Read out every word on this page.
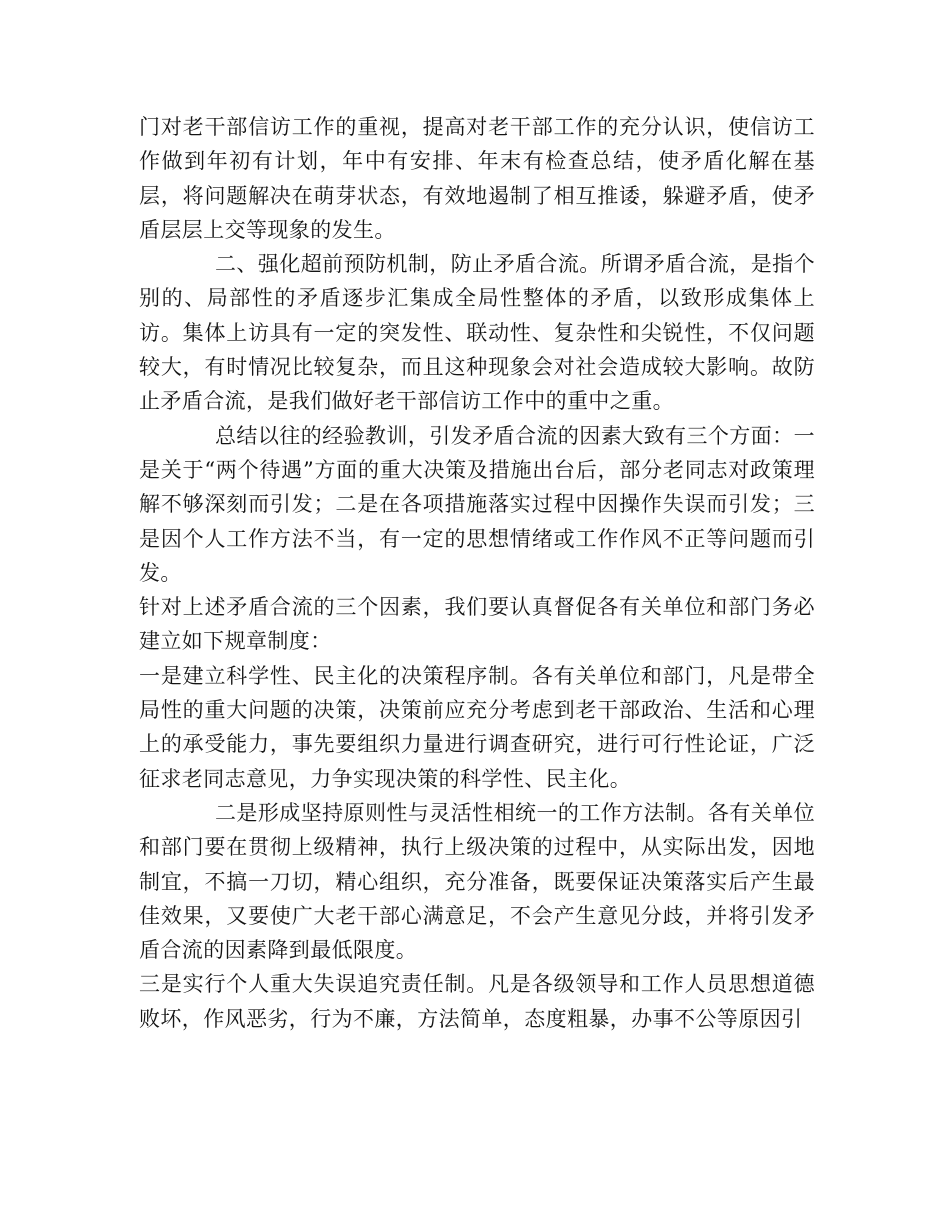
门对老干部信访工作的重视，提高对老干部工作的充分认识，使信访工作做到年初有计划，年中有安排、年末有检查总结，使矛盾化解在基层，将问题解决在萌芽状态，有效地遏制了相互推诿，躲避矛盾，使矛盾层层上交等现象的发生。

二、强化超前预防机制，防止矛盾合流。所谓矛盾合流，是指个别的、局部性的矛盾逐步汇集成全局性整体的矛盾，以致形成集体上访。集体上访具有一定的突发性、联动性、复杂性和尖锐性，不仅问题较大，有时情况比较复杂，而且这种现象会对社会造成较大影响。故防止矛盾合流，是我们做好老干部信访工作中的重中之重。

总结以往的经验教训，引发矛盾合流的因素大致有三个方面：一是关于“两个待遇”方面的重大决策及措施出台后，部分老同志对政策理解不够深刻而引发；二是在各项措施落实过程中因操作失误而引发；三是因个人工作方法不当，有一定的思想情绪或工作作风不正等问题而引发。

针对上述矛盾合流的三个因素，我们要认真督促各有关单位和部门务必建立如下规章制度：

一是建立科学性、民主化的决策程序制。各有关单位和部门，凡是带全局性的重大问题的决策，决策前应充分考虑到老干部政治、生活和心理上的承受能力，事先要组织力量进行调查研究，进行可行性论证，广泛征求老同志意见，力争实现决策的科学性、民主化。

二是形成坚持原则性与灵活性相统一的工作方法制。各有关单位和部门要在贯彻上级精神，执行上级决策的过程中，从实际出发，因地制宜，不搞一刀切，精心组织，充分准备，既要保证决策落实后产生最佳效果，又要使广大老干部心满意足，不会产生意见分歧，并将引发矛盾合流的因素降到最低限度。

三是实行个人重大失误追究责任制。凡是各级领导和工作人员思想道德败坏，作风恶劣，行为不廉，方法简单，态度粗暴，办事不公等原因引
